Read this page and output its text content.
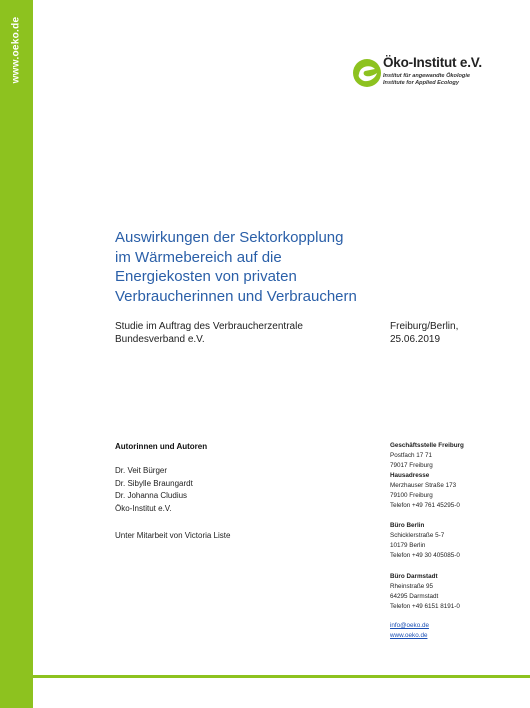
www.oeko.de	Öko-Institut e.V.
Institut für angewandte Ökologie
Institute for Applied Ecology
Auswirkungen der Sektorkopplung
im Wärmebereich auf die
Energiekosten von privaten
Verbraucherinnen und Verbrauchern
Studie im Auftrag des Verbraucherzentrale
Bundesverband e.V.
Freiburg/Berlin,
25.06.2019
Autorinnen und Autoren
Dr. Veit Bürger
Dr. Sibylle Braungardt
Dr. Johanna Cludius
Öko-Institut e.V.
Unter Mitarbeit von Victoria Liste
Geschäftsstelle Freiburg
Postfach 17 71
79017 Freiburg
Hausadresse
Merzhauser Straße 173
79100 Freiburg
Telefon +49 761 45295-0
Büro Berlin
Schicklerstraße 5-7
10179 Berlin
Telefon +49 30 405085-0
Büro Darmstadt
Rheinstraße 95
64295 Darmstadt
Telefon +49 6151 8191-0
info@oeko.de
www.oeko.de
